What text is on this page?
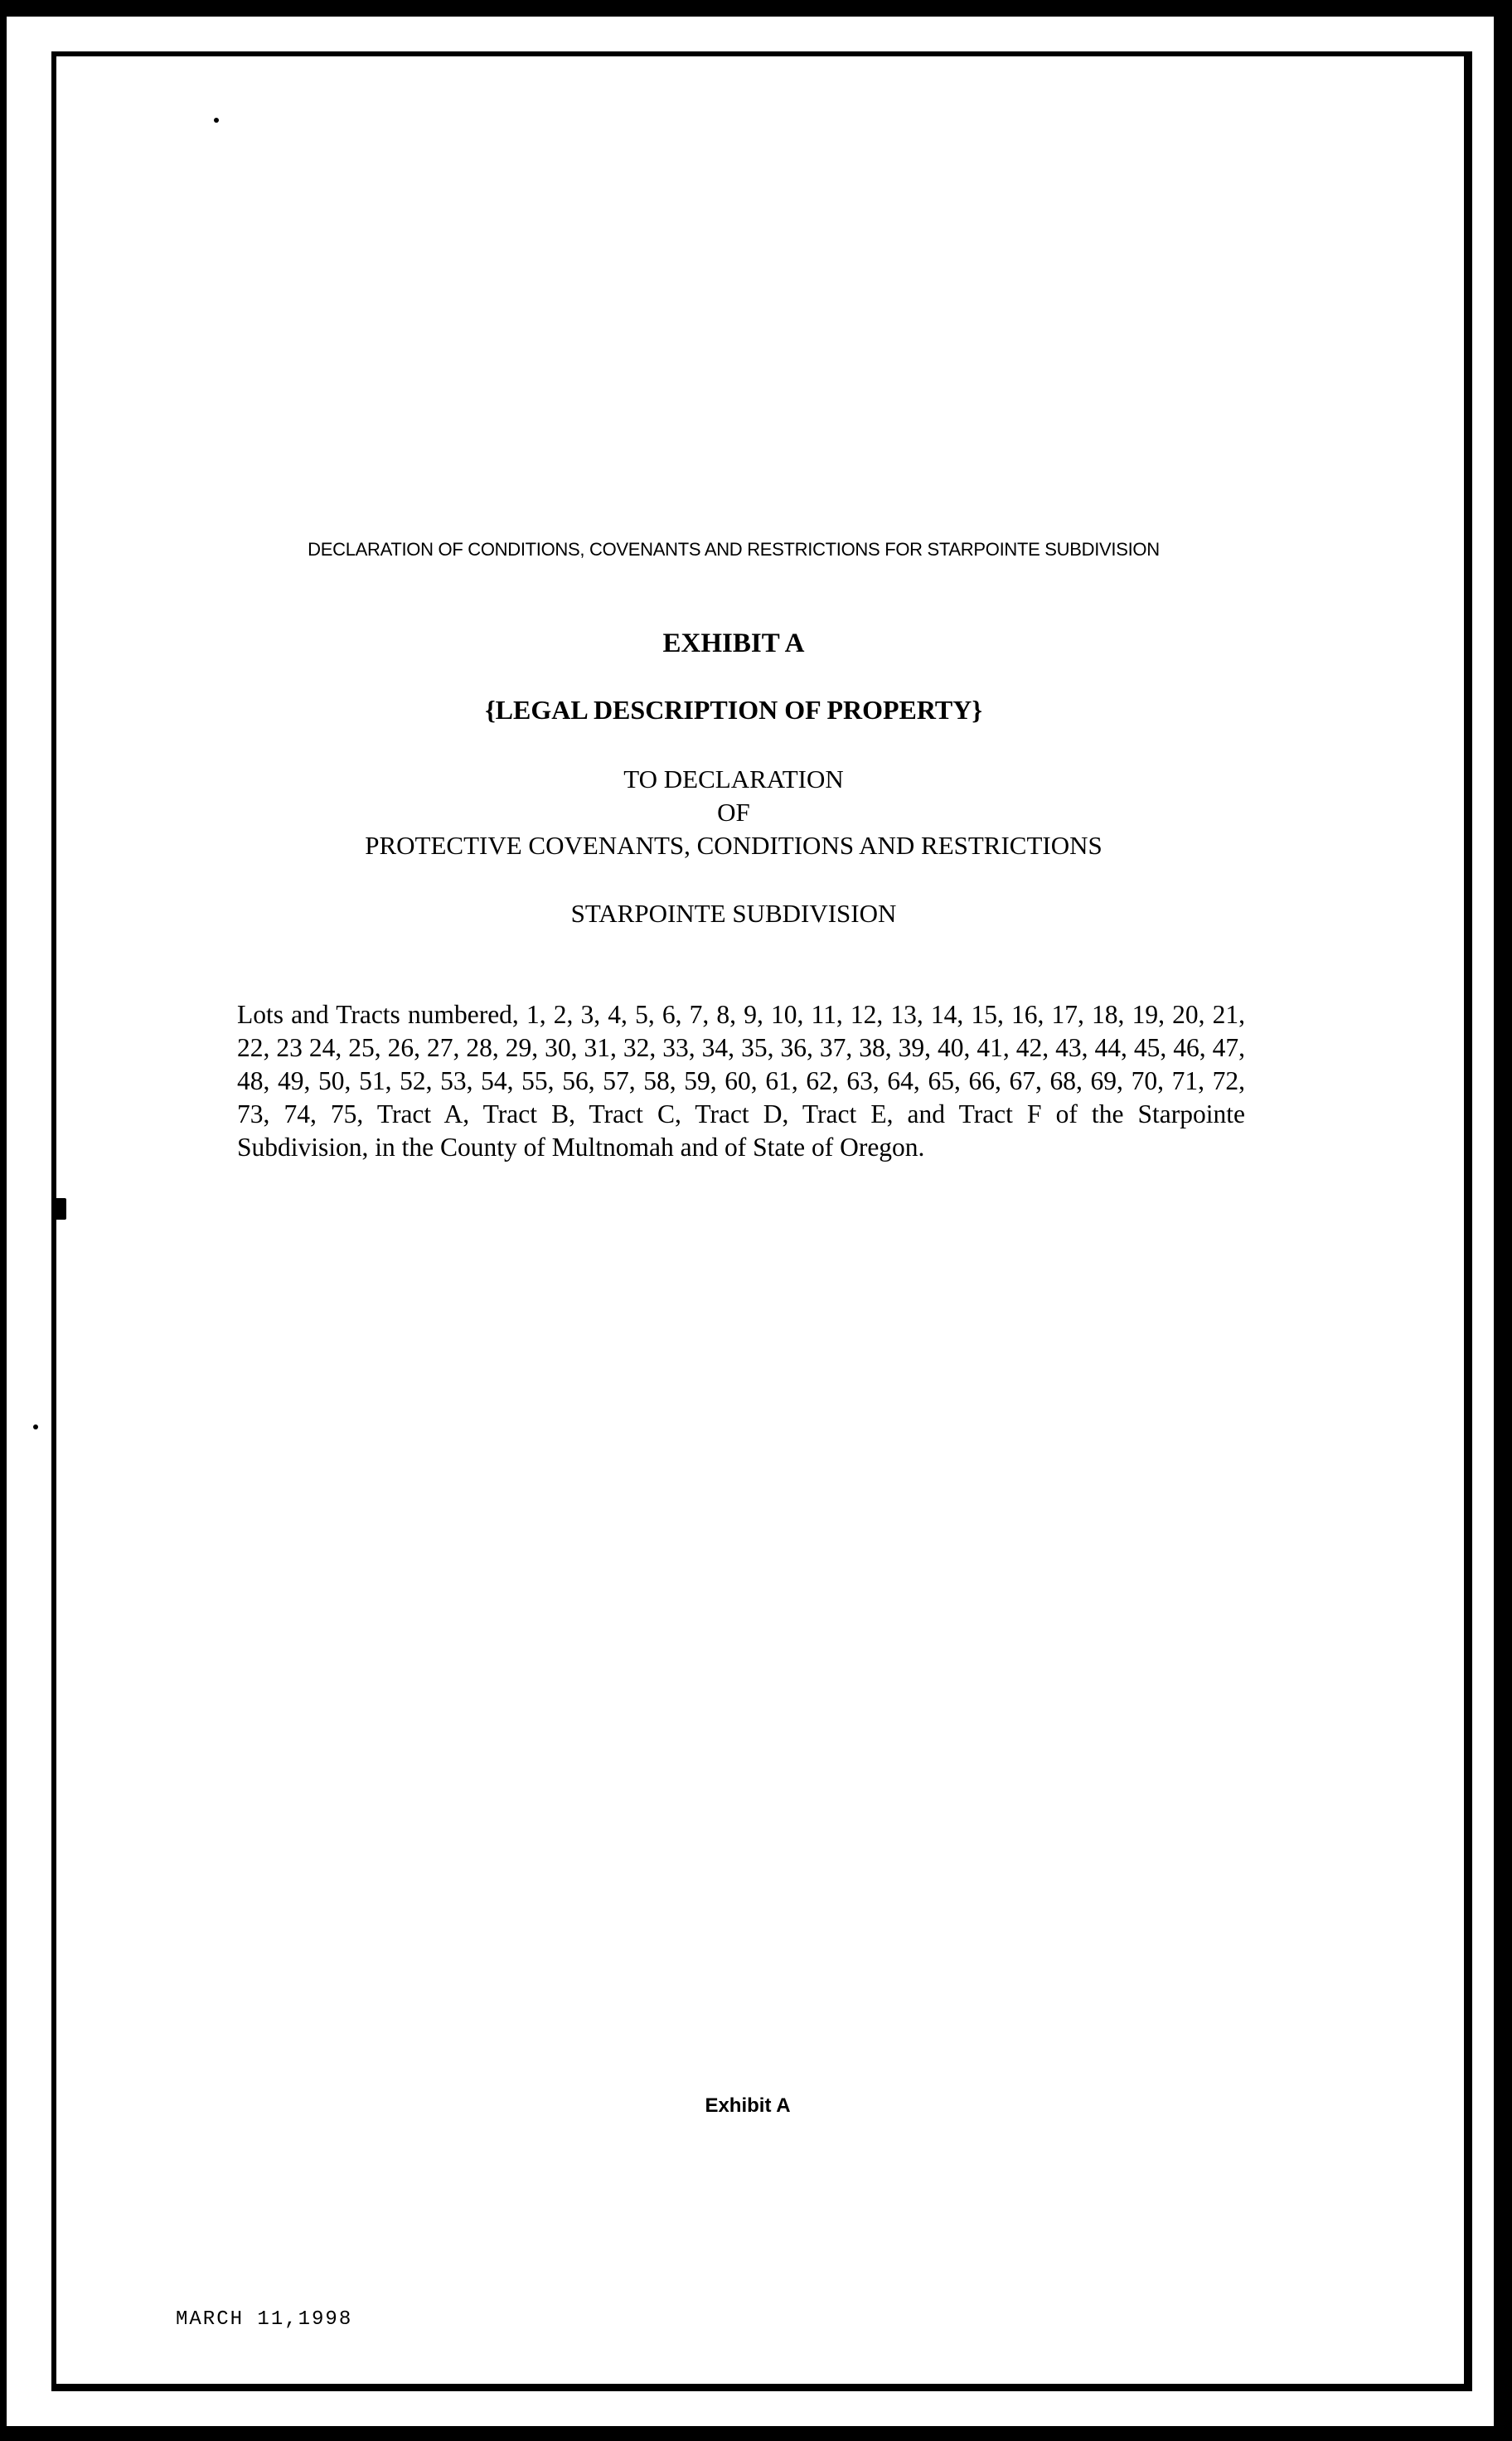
DECLARATION OF CONDITIONS, COVENANTS AND RESTRICTIONS FOR STARPOINTE SUBDIVISION
EXHIBIT A
{LEGAL DESCRIPTION OF PROPERTY}
TO DECLARATION
OF
PROTECTIVE COVENANTS, CONDITIONS AND RESTRICTIONS
STARPOINTE SUBDIVISION
Lots and Tracts numbered, 1, 2, 3, 4, 5, 6, 7, 8, 9, 10, 11, 12, 13, 14, 15, 16, 17, 18, 19, 20, 21, 22, 23 24, 25, 26, 27, 28, 29, 30, 31, 32, 33, 34, 35, 36, 37, 38, 39, 40, 41, 42, 43, 44, 45, 46, 47, 48, 49, 50, 51, 52, 53, 54, 55, 56, 57, 58, 59, 60, 61, 62, 63, 64, 65, 66, 67, 68, 69, 70, 71, 72, 73, 74, 75, Tract A, Tract B, Tract C, Tract D, Tract E, and Tract F of the Starpointe Subdivision, in the County of Multnomah and of State of Oregon.
Exhibit A
MARCH 11,1998
